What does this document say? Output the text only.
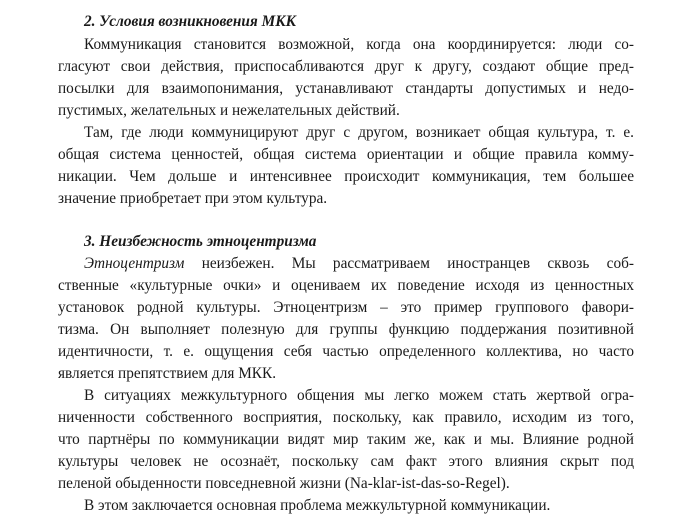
2. Условия возникновения МКК
Коммуникация становится возможной, когда она координируется: люди со-
гласуют свои действия, приспосабливаются друг к другу, создают общие пред-
посылки для взаимопонимания, устанавливают стандарты допустимых и недо-
пустимых, желательных и нежелательных действий.
Там, где люди коммуницируют друг с другом, возникает общая культура, т. е.
общая система ценностей, общая система ориентации и общие правила комму-
никации. Чем дольше и интенсивнее происходит коммуникация, тем большее
значение приобретает при этом культура.
3. Неизбежность этноцентризма
Этноцентризм неизбежен. Мы рассматриваем иностранцев сквозь соб-
ственные «культурные очки» и оцениваем их поведение исходя из ценностных
установок родной культуры. Этноцентризм – это пример группового фавори-
тизма. Он выполняет полезную для группы функцию поддержания позитивной
идентичности, т. е. ощущения себя частью определенного коллектива, но часто
является препятствием для МКК.
В ситуациях межкультурного общения мы легко можем стать жертвой огра-
ниченности собственного восприятия, поскольку, как правило, исходим из того,
что партнёры по коммуникации видят мир таким же, как и мы. Влияние родной
культуры человек не осознаёт, поскольку сам факт этого влияния скрыт под
пеленой обыденности повседневной жизни (Na-klar-ist-das-so-Regel).
В этом заключается основная проблема межкультурной коммуникации.
